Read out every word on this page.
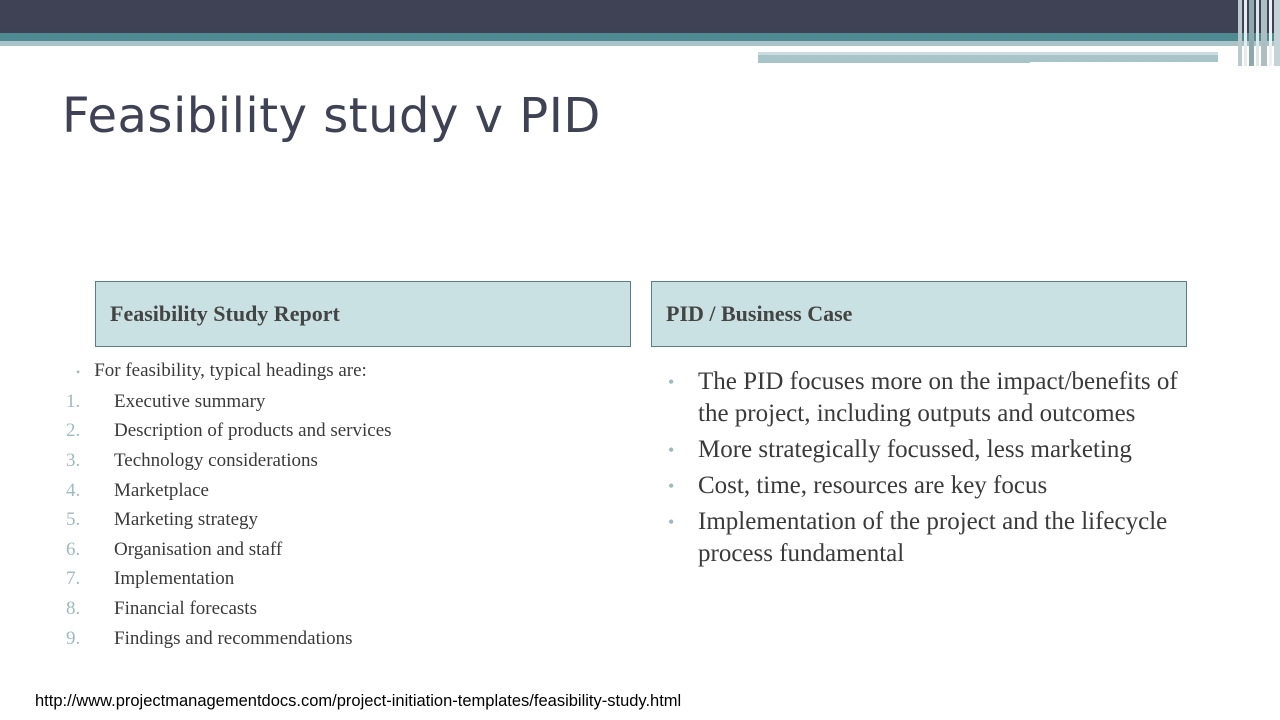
Feasibility study v PID
Feasibility Study Report	PID / Business Case
• For feasibility, typical headings are:
1.	Executive summary
2.	Description of products and services
3.	Technology considerations
4.	Marketplace
5.	Marketing strategy
6.	Organisation and staff
7.	Implementation
8.	Financial forecasts
9.	Findings and recommendations
• The PID focuses more on the impact/benefits of the project, including outputs and outcomes
• More strategically focussed, less marketing
• Cost, time, resources are key focus
• Implementation of the project and the lifecycle process fundamental
http://www.projectmanagementdocs.com/project-initiation-templates/feasibility-study.html
